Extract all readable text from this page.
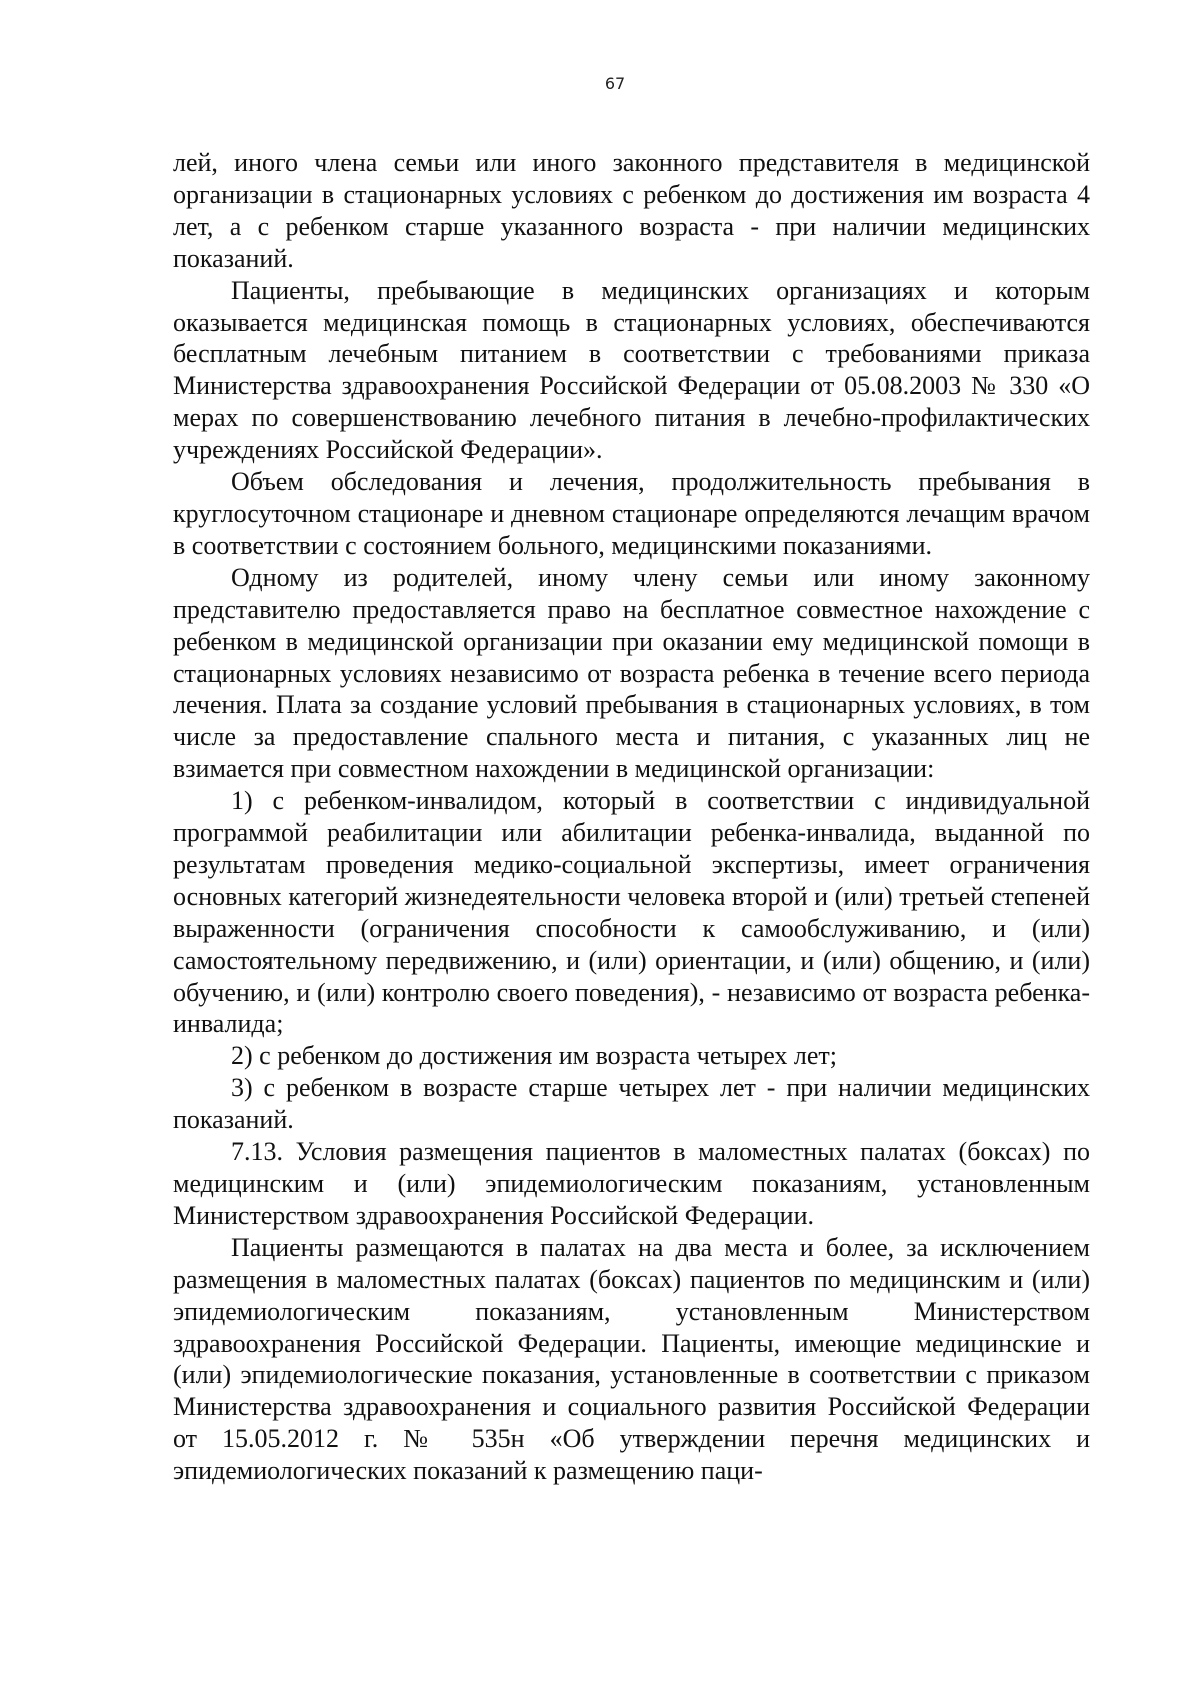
67

лей, иного члена семьи или иного законного представителя в медицинской организации в стационарных условиях с ребенком до достижения им возраста 4 лет, а с ребенком старше указанного возраста - при наличии медицинских показаний.

Пациенты, пребывающие в медицинских организациях и которым оказывается медицинская помощь в стационарных условиях, обеспечиваются бесплатным лечебным питанием в соответствии с требованиями приказа Министерства здравоохранения Российской Федерации от 05.08.2003 № 330 «О мерах по совершенствованию лечебного питания в лечебно-профилактических учреждениях Российской Федерации».

Объем обследования и лечения, продолжительность пребывания в круглосуточном стационаре и дневном стационаре определяются лечащим врачом в соответствии с состоянием больного, медицинскими показаниями.

Одному из родителей, иному члену семьи или иному законному представителю предоставляется право на бесплатное совместное нахождение с ребенком в медицинской организации при оказании ему медицинской помощи в стационарных условиях независимо от возраста ребенка в течение всего периода лечения. Плата за создание условий пребывания в стационарных условиях, в том числе за предоставление спального места и питания, с указанных лиц не взимается при совместном нахождении в медицинской организации:

1) с ребенком-инвалидом, который в соответствии с индивидуальной программой реабилитации или абилитации ребенка-инвалида, выданной по результатам проведения медико-социальной экспертизы, имеет ограничения основных категорий жизнедеятельности человека второй и (или) третьей степеней выраженности (ограничения способности к самообслуживанию, и (или) самостоятельному передвижению, и (или) ориентации, и (или) общению, и (или) обучению, и (или) контролю своего поведения), - независимо от возраста ребенка-инвалида;

2) с ребенком до достижения им возраста четырех лет;

3) с ребенком в возрасте старше четырех лет - при наличии медицинских показаний.

7.13. Условия размещения пациентов в маломестных палатах (боксах) по медицинским и (или) эпидемиологическим показаниям, установленным Министерством здравоохранения Российской Федерации.

Пациенты размещаются в палатах на два места и более, за исключением размещения в маломестных палатах (боксах) пациентов по медицинским и (или) эпидемиологическим показаниям, установленным Министерством здравоохранения Российской Федерации. Пациенты, имеющие медицинские и (или) эпидемиологические показания, установленные в соответствии с приказом Министерства здравоохранения и социального развития Российской Федерации от 15.05.2012 г. № 535н «Об утверждении перечня медицинских и эпидемиологических показаний к размещению паци-
